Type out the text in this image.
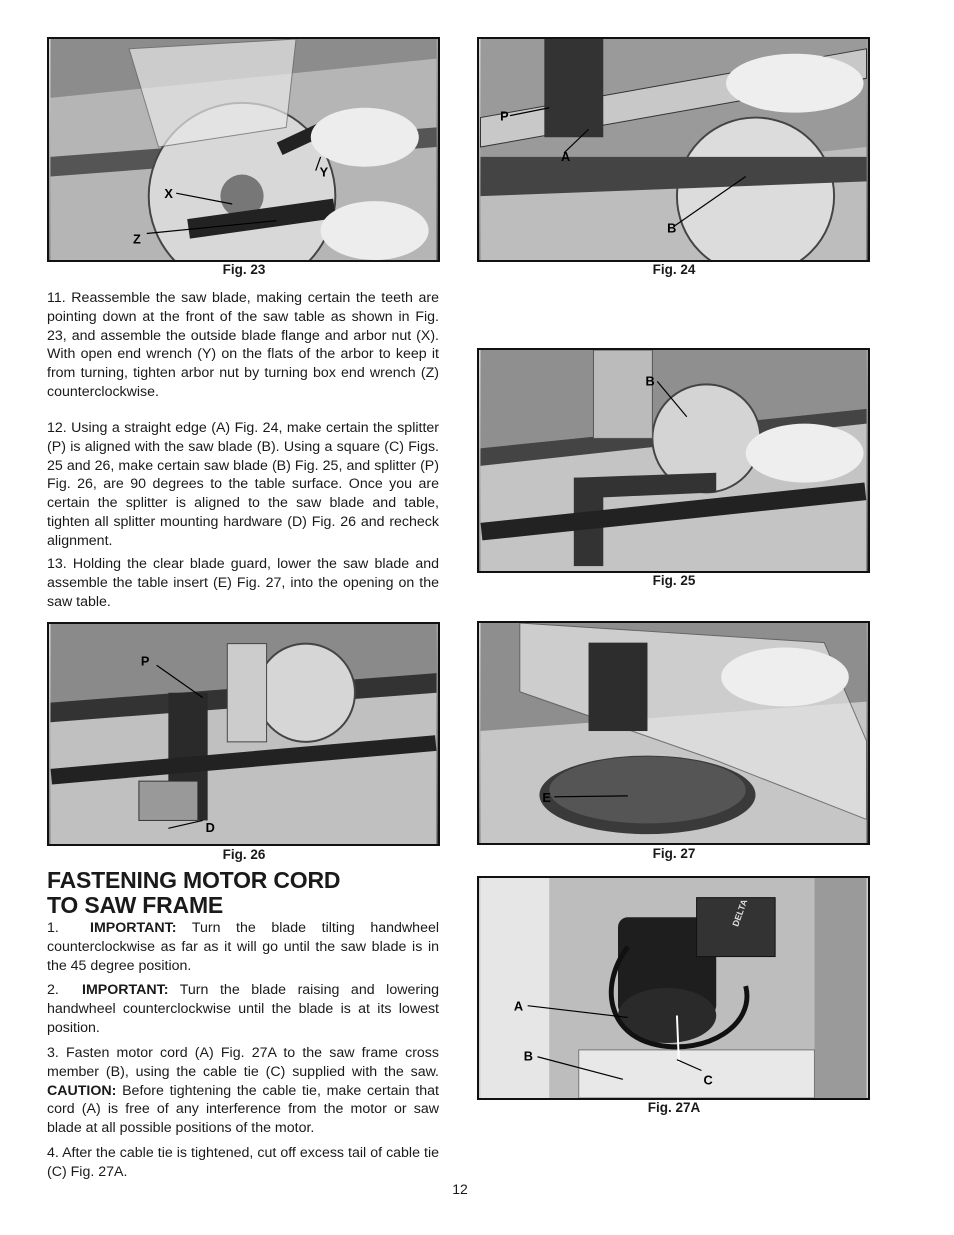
X
Y
Z
Fig. 23
P
A
B
Fig. 24

11. Reassemble the saw blade, making certain the teeth are pointing down at the front of the saw table as shown in Fig. 23, and assemble the outside blade flange and arbor nut (X). With open end wrench (Y) on the flats of the arbor to keep it from turning, tighten arbor nut by turning box end wrench (Z) counterclockwise.

12. Using a straight edge (A) Fig. 24, make certain the splitter (P) is aligned with the saw blade (B). Using a square (C) Figs. 25 and 26, make certain saw blade (B) Fig. 25, and splitter (P) Fig. 26, are 90 degrees to the table surface. Once you are certain the splitter is aligned to the saw blade and table, tighten all splitter mounting hardware (D) Fig. 26 and recheck alignment.

13. Holding the clear blade guard, lower the saw blade and assemble the table insert (E) Fig. 27, into the opening on the saw table.

B
Fig. 25
P
D
Fig. 26
E
Fig. 27
FASTENING MOTOR CORD
TO SAW FRAME

1. IMPORTANT: Turn the blade tilting handwheel counterclockwise as far as it will go until the saw blade is in the 45 degree position.

2. IMPORTANT: Turn the blade raising and lowering handwheel counterclockwise until the blade is at its lowest position.

3. Fasten motor cord (A) Fig. 27A to the saw frame cross member (B), using the cable tie (C) supplied with the saw. CAUTION: Before tightening the cable tie, make certain that cord (A) is free of any interference from the motor or saw blade at all possible positions of the motor.

4. After the cable tie is tightened, cut off excess tail of cable tie (C) Fig. 27A.

DELTA
A
B
C
Fig. 27A
12
